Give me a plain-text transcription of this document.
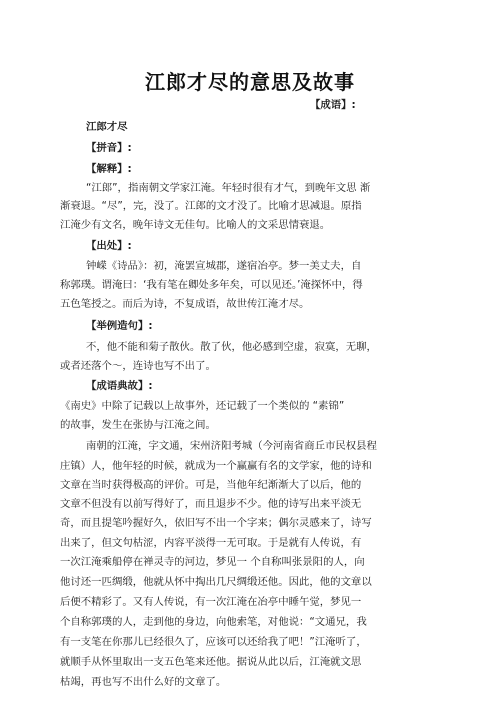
江郎才尽的意思及故事
【成语】:
江郎才尽
【拼音】:
【解释】:
“江郎”，指南朝文学家江淹。年轻时很有才气，到晚年文思 渐
渐衰退。“尽”，完，没了。江郎的文才没了。比喻才思减退。原指
江淹少有文名，晚年诗文无佳句。比喻人的文采思情衰退。
【出处】:
钟嵘《诗品》：初，淹罢宣城郡，遂宿冶亭。梦一美丈夫，自
称郭璞。谓淹曰：‘我有笔在卿处多年矣，可以见还。’淹探怀中，得
五色笔授之。而后为诗，不复成语，故世传江淹才尽。
【举例造句】:
不，他不能和菊子散伙。散了伙，他必感到空虚，寂寞，无聊，
或者还落个～，连诗也写不出了。
【成语典故】:
《南史》中除了记载以上故事外，还记载了一个类似的 “素锦”
的故事，发生在张协与江淹之间。
南朝的江淹，字文通，宋州济阳考城（今河南省商丘市民权县程
庄镇）人，他年轻的时候，就成为一个赢赢有名的文学家，他的诗和
文章在当时获得极高的评价。可是，当他年纪渐渐大了以后，他的
文章不但没有以前写得好了，而且退步不少。他的诗写出来平淡无
奇，而且提笔吟握好久，依旧写不出一个字来；偶尔灵感来了，诗写
出来了，但文句枯涩，内容平淡得一无可取。于是就有人传说，有
一次江淹乘船停在禅灵寺的河边，梦见一 个自称叫张景阳的人，向
他讨还一匹绸缎，他就从怀中掏出几尺绸缎还他。因此，他的文章以
后便不精彩了。又有人传说，有一次江淹在冶亭中睡午觉，梦见一
个自称郭璞的人，走到他的身边，向他索笔，对他说：“文通兄，我
有一支笔在你那儿已经很久了，应该可以还给我了吧！”江淹听了，
就顺手从怀里取出一支五色笔来还他。据说从此以后，江淹就文思
枯竭，再也写不出什么好的文章了。
